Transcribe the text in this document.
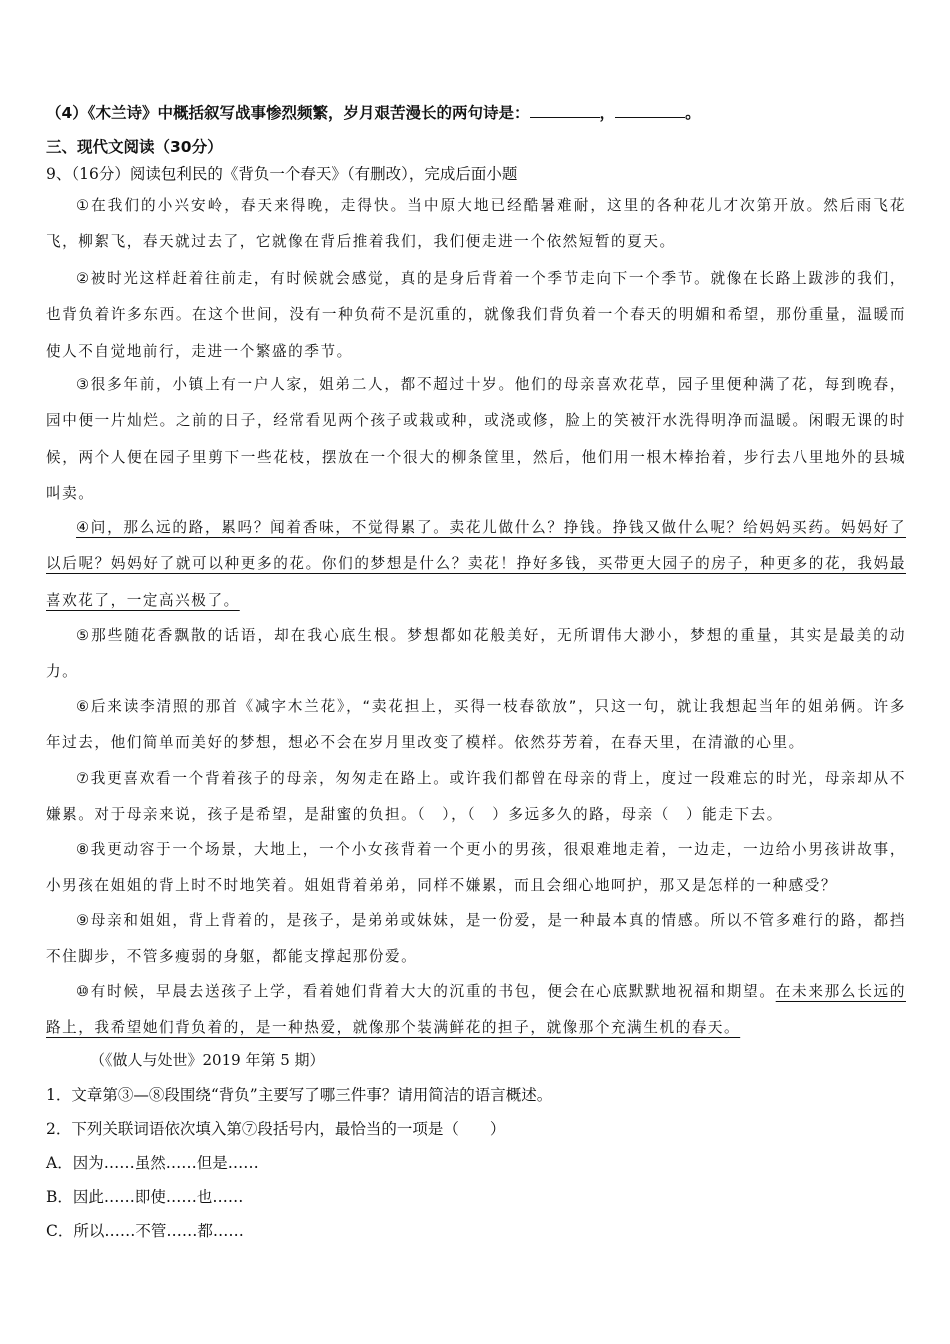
（4）《木兰诗》中概括叙写战事惨烈频繁，岁月艰苦漫长的两句诗是：	，	。
三、现代文阅读（30分）
9、（16分）阅读包利民的《背负一个春天》（有删改），完成后面小题

①在我们的小兴安岭，春天来得晚，走得快。当中原大地已经酷暑难耐，这里的各种花儿才次第开放。然后雨飞花飞，柳絮飞，春天就过去了，它就像在背后推着我们，我们便走进一个依然短暂的夏天。

②被时光这样赶着往前走，有时候就会感觉，真的是身后背着一个季节走向下一个季节。就像在长路上跋涉的我们，也背负着许多东西。在这个世间，没有一种负荷不是沉重的，就像我们背负着一个春天的明媚和希望，那份重量，温暖而使人不自觉地前行，走进一个繁盛的季节。

③很多年前，小镇上有一户人家，姐弟二人，都不超过十岁。他们的母亲喜欢花草，园子里便种满了花，每到晚春，园中便一片灿烂。之前的日子，经常看见两个孩子或栽或种，或浇或修，脸上的笑被汗水洗得明净而温暖。闲暇无课的时候，两个人便在园子里剪下一些花枝，摆放在一个很大的柳条筐里，然后，他们用一根木棒抬着，步行去八里地外的县城叫卖。

④问，那么远的路，累吗？闻着香味，不觉得累了。卖花儿做什么？挣钱。挣钱又做什么呢？给妈妈买药。妈妈好了以后呢？妈妈好了就可以种更多的花。你们的梦想是什么？卖花！挣好多钱，买带更大园子的房子，种更多的花，我妈最喜欢花了，一定高兴极了。

⑤那些随花香飘散的话语，却在我心底生根。梦想都如花般美好，无所谓伟大渺小，梦想的重量，其实是最美的动力。

⑥后来读李清照的那首《减字木兰花》，“卖花担上，买得一枝春欲放”，只这一句，就让我想起当年的姐弟俩。许多年过去，他们简单而美好的梦想，想必不会在岁月里改变了模样。依然芬芳着，在春天里，在清澈的心里。

⑦我更喜欢看一个背着孩子的母亲，匆匆走在路上。或许我们都曾在母亲的背上，度过一段难忘的时光，母亲却从不嫌累。对于母亲来说，孩子是希望，是甜蜜的负担。（　），（　）多远多久的路，母亲（　）能走下去。

⑧我更动容于一个场景，大地上，一个小女孩背着一个更小的男孩，很艰难地走着，一边走，一边给小男孩讲故事，小男孩在姐姐的背上时不时地笑着。姐姐背着弟弟，同样不嫌累，而且会细心地呵护，那又是怎样的一种感受？

⑨母亲和姐姐，背上背着的，是孩子，是弟弟或妹妹，是一份爱，是一种最本真的情感。所以不管多难行的路，都挡不住脚步，不管多瘦弱的身躯，都能支撑起那份爱。

⑩有时候，早晨去送孩子上学，看着她们背着大大的沉重的书包，便会在心底默默地祝福和期望。在未来那么长远的路上，我希望她们背负着的，是一种热爱，就像那个装满鲜花的担子，就像那个充满生机的春天。

（《做人与处世》2019 年第 5 期）
1．文章第③—⑧段围绕“背负”主要写了哪三件事？请用简洁的语言概述。
2．下列关联词语依次填入第⑦段括号内，最恰当的一项是（　　）
A．因为……虽然……但是……
B．因此……即使……也……
C．所以……不管……都……
